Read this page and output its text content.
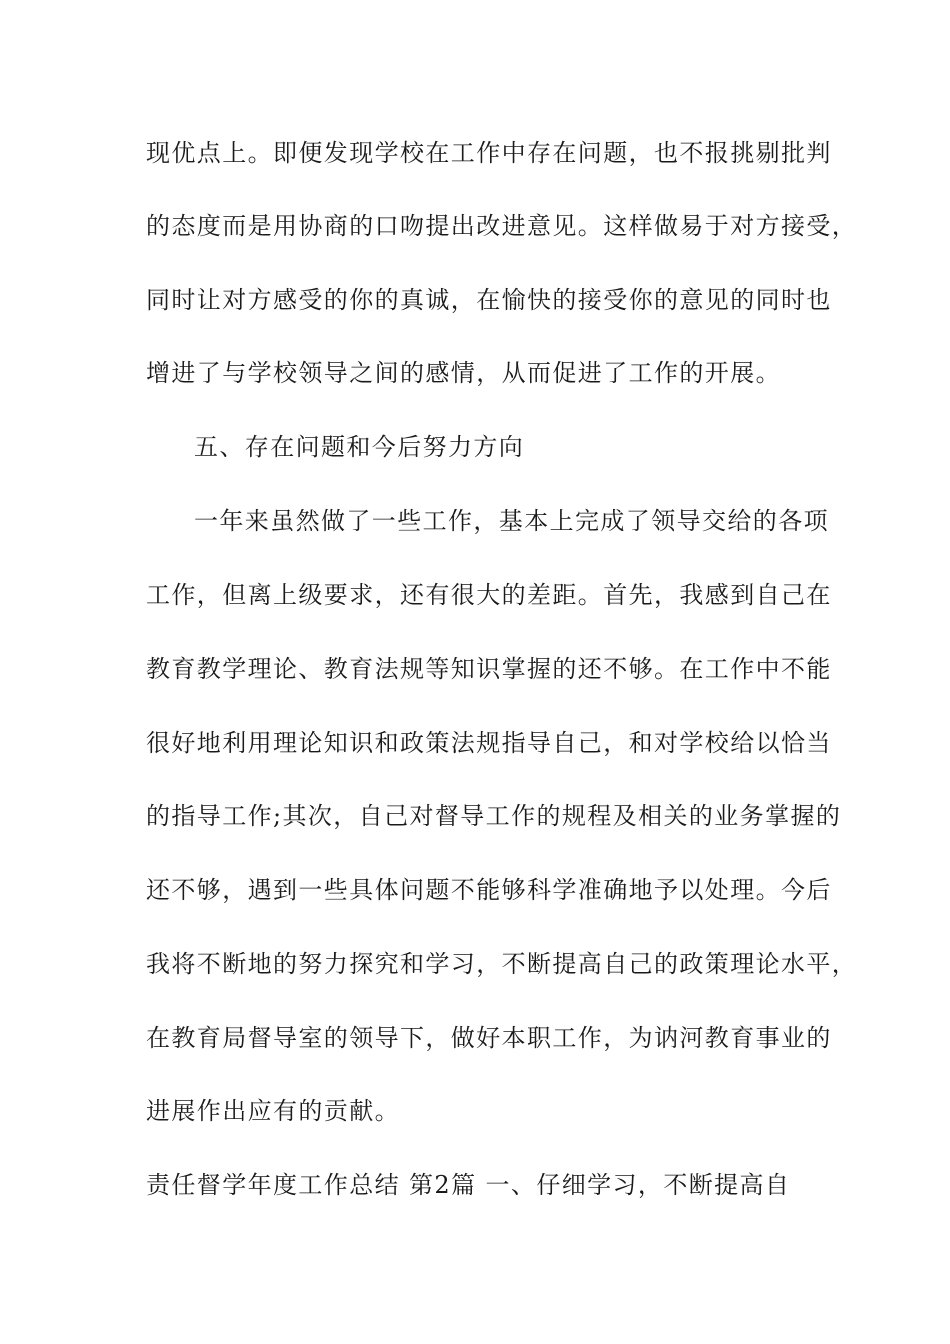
现优点上。即便发现学校在工作中存在问题，也不报挑剔批判
的态度而是用协商的口吻提出改进意见。这样做易于对方接受，
同时让对方感受的你的真诚，在愉快的接受你的意见的同时也
增进了与学校领导之间的感情，从而促进了工作的开展。
五、存在问题和今后努力方向
一年来虽然做了一些工作，基本上完成了领导交给的各项
工作，但离上级要求，还有很大的差距。首先，我感到自己在
教育教学理论、教育法规等知识掌握的还不够。在工作中不能
很好地利用理论知识和政策法规指导自己，和对学校给以恰当
的指导工作;其次，自己对督导工作的规程及相关的业务掌握的
还不够，遇到一些具体问题不能够科学准确地予以处理。今后
我将不断地的努力探究和学习，不断提高自己的政策理论水平，
在教育局督导室的领导下，做好本职工作，为讷河教育事业的
进展作出应有的贡献。
责任督学年度工作总结 第2篇 一、仔细学习，不断提高自
